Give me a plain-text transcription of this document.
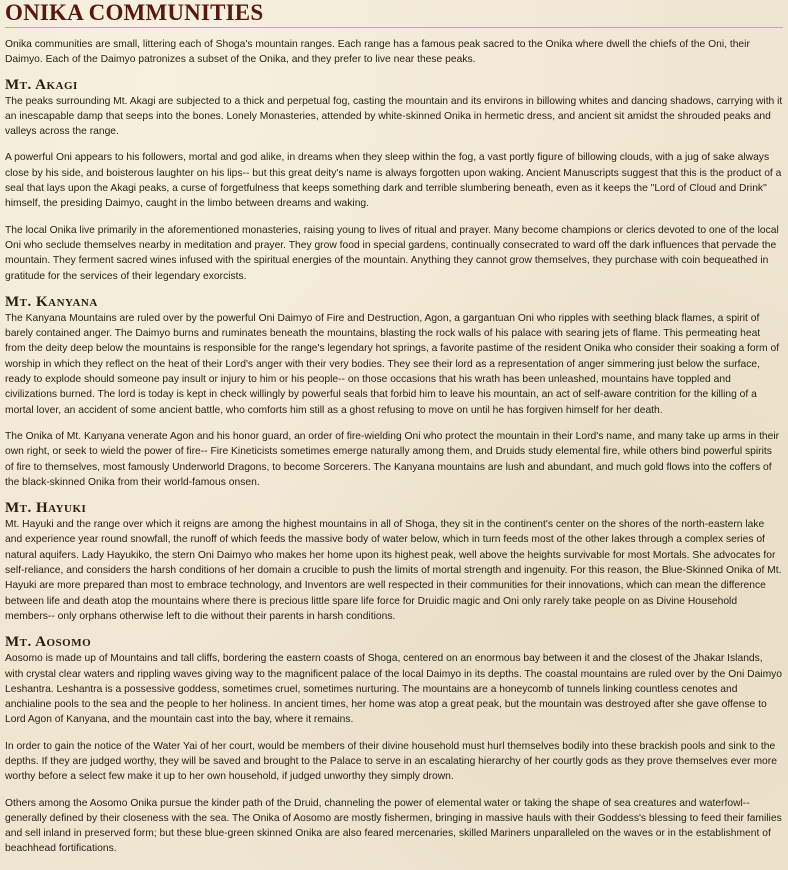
ONIKA COMMUNITIES

Onika communities are small, littering each of Shoga's mountain ranges. Each range has a famous peak sacred to the Onika where dwell the chiefs of the Oni, their Daimyo. Each of the Daimyo patronizes a subset of the Onika, and they prefer to live near these peaks.

Mt. Akagi

The peaks surrounding Mt. Akagi are subjected to a thick and perpetual fog, casting the mountain and its environs in billowing whites and dancing shadows, carrying with it an inescapable damp that seeps into the bones. Lonely Monasteries, attended by white-skinned Onika in hermetic dress, and ancient sit amidst the shrouded peaks and valleys across the range.

A powerful Oni appears to his followers, mortal and god alike, in dreams when they sleep within the fog, a vast portly figure of billowing clouds, with a jug of sake always close by his side, and boisterous laughter on his lips-- but this great deity's name is always forgotten upon waking. Ancient Manuscripts suggest that this is the product of a seal that lays upon the Akagi peaks, a curse of forgetfulness that keeps something dark and terrible slumbering beneath, even as it keeps the "Lord of Cloud and Drink" himself, the presiding Daimyo, caught in the limbo between dreams and waking.

The local Onika live primarily in the aforementioned monasteries, raising young to lives of ritual and prayer. Many become champions or clerics devoted to one of the local Oni who seclude themselves nearby in meditation and prayer. They grow food in special gardens, continually consecrated to ward off the dark influences that pervade the mountain. They ferment sacred wines infused with the spiritual energies of the mountain. Anything they cannot grow themselves, they purchase with coin bequeathed in gratitude for the services of their legendary exorcists.

Mt. Kanyana

The Kanyana Mountains are ruled over by the powerful Oni Daimyo of Fire and Destruction, Agon, a gargantuan Oni who ripples with seething black flames, a spirit of barely contained anger. The Daimyo burns and ruminates beneath the mountains, blasting the rock walls of his palace with searing jets of flame. This permeating heat from the deity deep below the mountains is responsible for the range's legendary hot springs, a favorite pastime of the resident Onika who consider their soaking a form of worship in which they reflect on the heat of their Lord's anger with their very bodies. They see their lord as a representation of anger simmering just below the surface, ready to explode should someone pay insult or injury to him or his people-- on those occasions that his wrath has been unleashed, mountains have toppled and civilizations burned. The lord is today is kept in check willingly by powerful seals that forbid him to leave his mountain, an act of self-aware contrition for the killing of a mortal lover, an accident of some ancient battle, who comforts him still as a ghost refusing to move on until he has forgiven himself for her death.

The Onika of Mt. Kanyana venerate Agon and his honor guard, an order of fire-wielding Oni who protect the mountain in their Lord's name, and many take up arms in their own right, or seek to wield the power of fire-- Fire Kineticists sometimes emerge naturally among them, and Druids study elemental fire, while others bind powerful spirits of fire to themselves, most famously Underworld Dragons, to become Sorcerers. The Kanyana mountains are lush and abundant, and much gold flows into the coffers of the black-skinned Onika from their world-famous onsen.

Mt. Hayuki

Mt. Hayuki and the range over which it reigns are among the highest mountains in all of Shoga, they sit in the continent's center on the shores of the north-eastern lake and experience year round snowfall, the runoff of which feeds the massive body of water below, which in turn feeds most of the other lakes through a complex series of natural aquifers. Lady Hayukiko, the stern Oni Daimyo who makes her home upon its highest peak, well above the heights survivable for most Mortals. She advocates for self-reliance, and considers the harsh conditions of her domain a crucible to push the limits of mortal strength and ingenuity. For this reason, the Blue-Skinned Onika of Mt. Hayuki are more prepared than most to embrace technology, and Inventors are well respected in their communities for their innovations, which can mean the difference between life and death atop the mountains where there is precious little spare life force for Druidic magic and Oni only rarely take people on as Divine Household members-- only orphans otherwise left to die without their parents in harsh conditions.

Mt. Aosomo

Aosomo is made up of Mountains and tall cliffs, bordering the eastern coasts of Shoga, centered on an enormous bay between it and the closest of the Jhakar Islands, with crystal clear waters and rippling waves giving way to the magnificent palace of the local Daimyo in its depths. The coastal mountains are ruled over by the Oni Daimyo Leshantra. Leshantra is a possessive goddess, sometimes cruel, sometimes nurturing. The mountains are a honeycomb of tunnels linking countless cenotes and anchialine pools to the sea and the people to her holiness. In ancient times, her home was atop a great peak, but the mountain was destroyed after she gave offense to Lord Agon of Kanyana, and the mountain cast into the bay, where it remains.

In order to gain the notice of the Water Yai of her court, would be members of their divine household must hurl themselves bodily into these brackish pools and sink to the depths. If they are judged worthy, they will be saved and brought to the Palace to serve in an escalating hierarchy of her courtly gods as they prove themselves ever more worthy before a select few make it up to her own household, if judged unworthy they simply drown.

Others among the Aosomo Onika pursue the kinder path of the Druid, channeling the power of elemental water or taking the shape of sea creatures and waterfowl-- generally defined by their closeness with the sea. The Onika of Aosomo are mostly fishermen, bringing in massive hauls with their Goddess's blessing to feed their families and sell inland in preserved form; but these blue-green skinned Onika are also feared mercenaries, skilled Mariners unparalleled on the waves or in the establishment of beachhead fortifications.
